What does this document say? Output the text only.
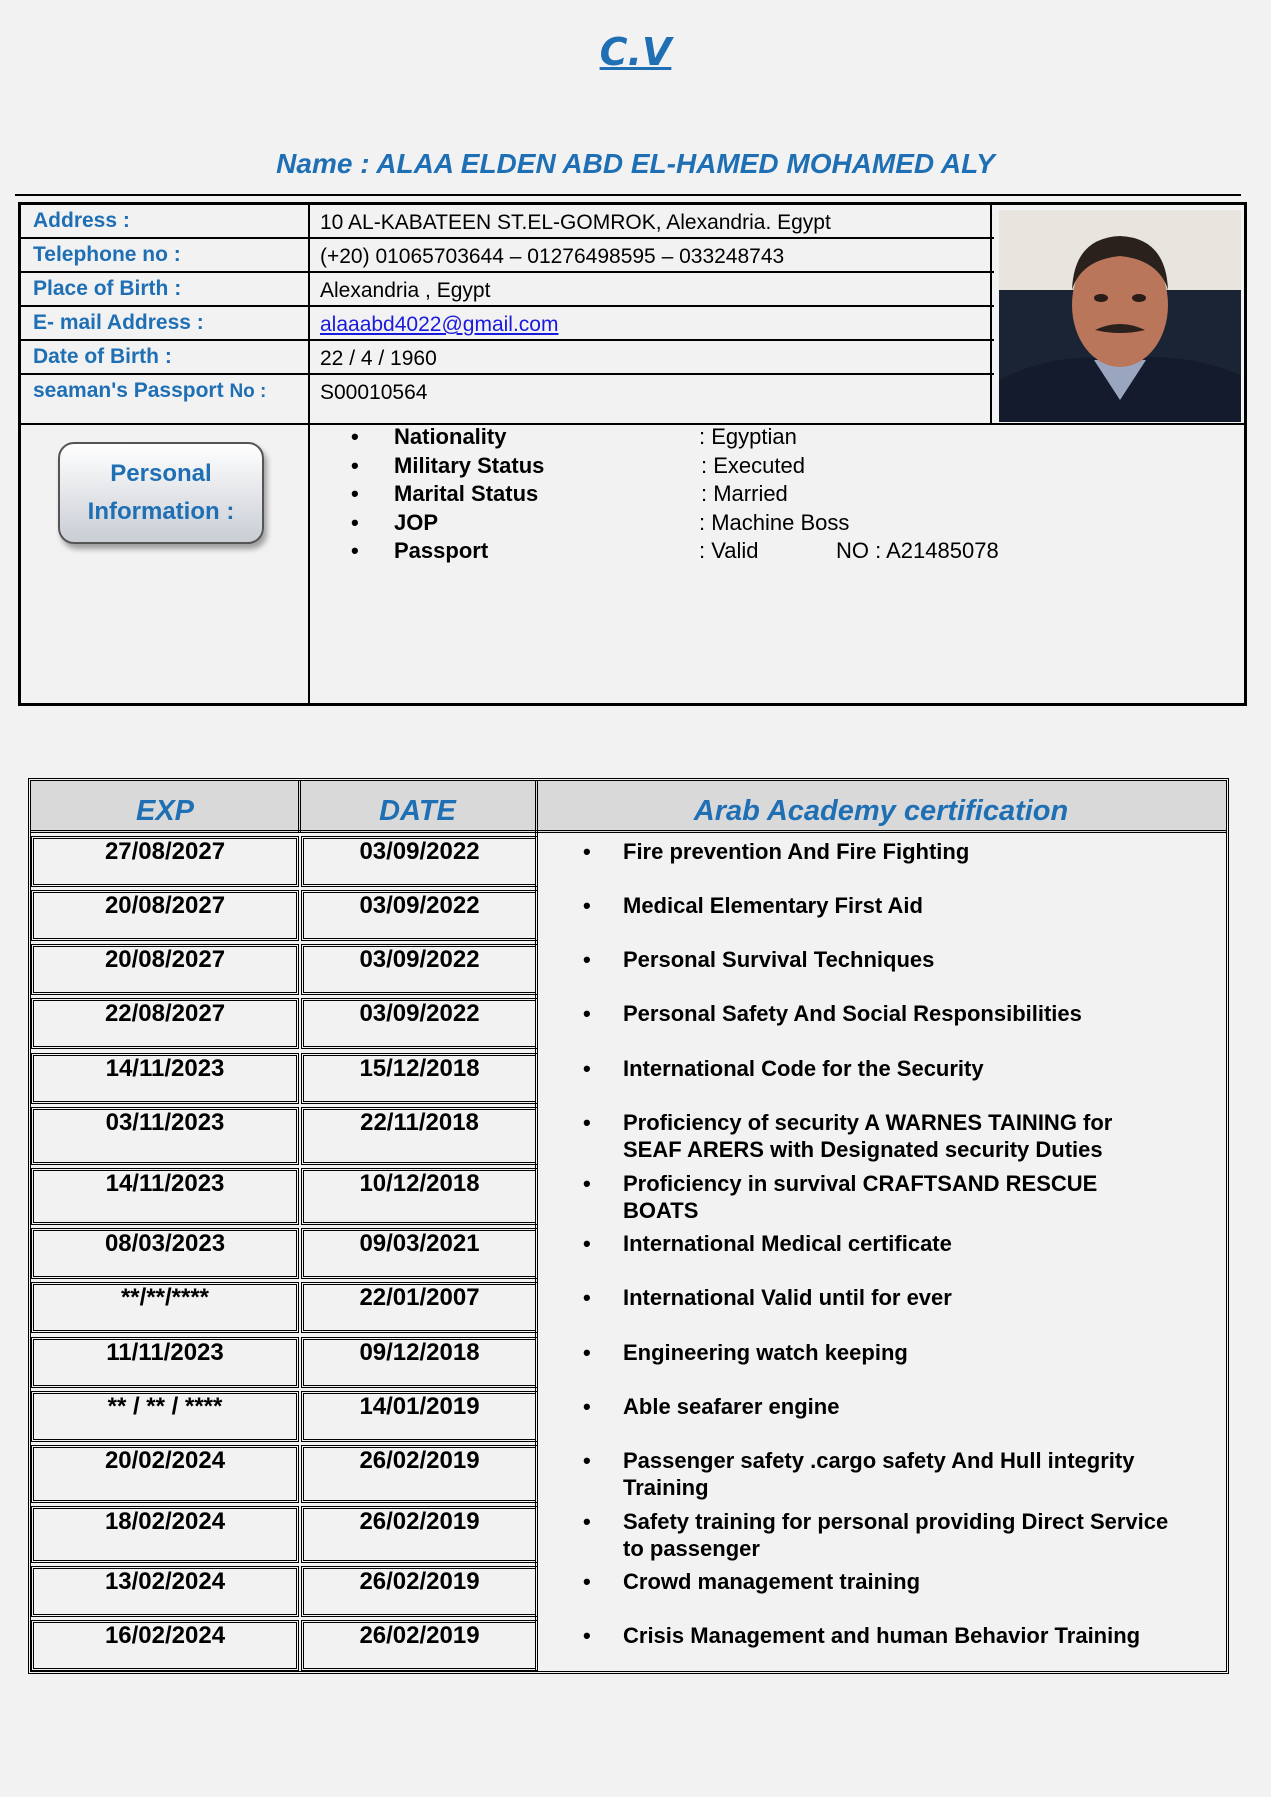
C.V
Name : ALAA ELDEN ABD EL-HAMED MOHAMED ALY
Address :	10 AL-KABATEEN ST.EL-GOMROK, Alexandria. Egypt
Telephone no :	(+20) 01065703644 – 01276498595 – 033248743
Place of Birth :	Alexandria , Egypt
E- mail Address :	alaaabd4022@gmail.com
Date of Birth :	22 / 4 / 1960
seaman's Passport No :	S00010564
Personal
Information :
• Nationality	: Egyptian
• Military Status	: Executed
• Marital Status	: Married
• JOP	: Machine Boss
• Passport	: Valid	NO : A21485078
EXP	DATE	Arab Academy certification
27/08/2027	03/09/2022	• Fire prevention And Fire Fighting
20/08/2027	03/09/2022	• Medical Elementary First Aid
20/08/2027	03/09/2022	• Personal Survival Techniques
22/08/2027	03/09/2022	• Personal Safety And Social Responsibilities
14/11/2023	15/12/2018	• International Code for the Security
03/11/2023	22/11/2018	• Proficiency of security A WARNES TAINING for
SEAF ARERS with Designated security Duties
14/11/2023	10/12/2018	• Proficiency in survival CRAFTSAND RESCUE
BOATS
08/03/2023	09/03/2021	• International Medical certificate
**/**/****	22/01/2007	• International Valid until for ever
11/11/2023	09/12/2018	• Engineering watch keeping
** / ** / ****	14/01/2019	• Able seafarer engine
20/02/2024	26/02/2019	• Passenger safety .cargo safety And Hull integrity
Training
18/02/2024	26/02/2019	• Safety training for personal providing Direct Service
to passenger
13/02/2024	26/02/2019	• Crowd management training
16/02/2024	26/02/2019	• Crisis Management and human Behavior Training
